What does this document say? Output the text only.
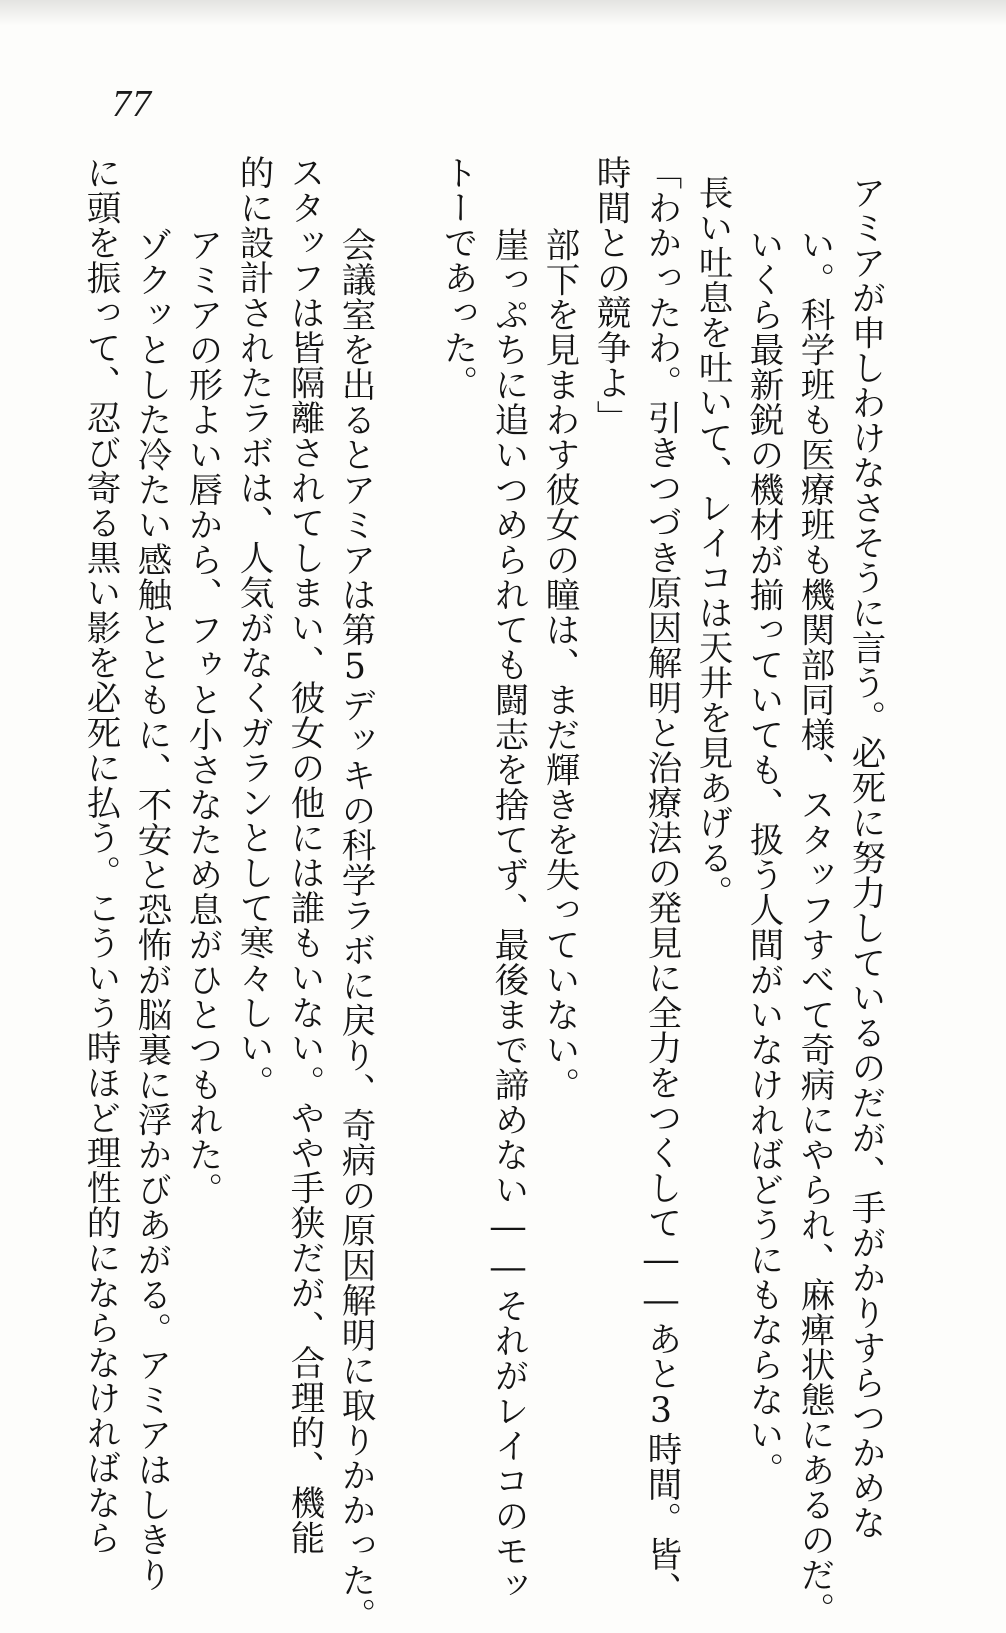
77

アミアが申しわけなさそうに言う。必死に努力しているのだが、手がかりすらつかめな

い。科学班も医療班も機関部同様、スタッフすべて奇病にやられ、麻痺状態にあるのだ。

いくら最新鋭の機材が揃っていても、扱う人間がいなければどうにもならない。

長い吐息を吐いて、レイコは天井を見あげる。

「わかったわ。引きつづき原因解明と治療法の発見に全力をつくして――あと3時間。皆、

時間との競争よ」

部下を見まわす彼女の瞳は、まだ輝きを失っていない。

崖っぷちに追いつめられても闘志を捨てず、最後まで諦めない――それがレイコのモッ

トーであった。

会議室を出るとアミアは第5デッキの科学ラボに戻り、奇病の原因解明に取りかかった。

スタッフは皆隔離されてしまい、彼女の他には誰もいない。やや手狭だが、合理的、機能

的に設計されたラボは、人気がなくガランとして寒々しい。

アミアの形よい唇から、フゥと小さなため息がひとつもれた。

ゾクッとした冷たい感触とともに、不安と恐怖が脳裏に浮かびあがる。アミアはしきり

に頭を振って、忍び寄る黒い影を必死に払う。こういう時ほど理性的にならなければなら
